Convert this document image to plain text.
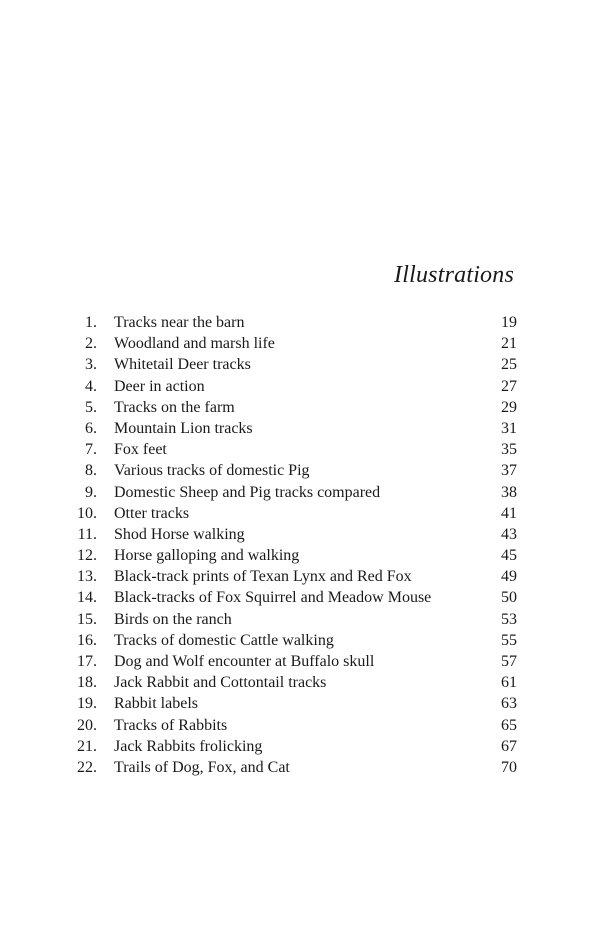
Illustrations
1. Tracks near the barn	19
2. Woodland and marsh life	21
3. Whitetail Deer tracks	25
4. Deer in action	27
5. Tracks on the farm	29
6. Mountain Lion tracks	31
7. Fox feet	35
8. Various tracks of domestic Pig	37
9. Domestic Sheep and Pig tracks compared	38
10. Otter tracks	41
11. Shod Horse walking	43
12. Horse galloping and walking	45
13. Black-track prints of Texan Lynx and Red Fox	49
14. Black-tracks of Fox Squirrel and Meadow Mouse	50
15. Birds on the ranch	53
16. Tracks of domestic Cattle walking	55
17. Dog and Wolf encounter at Buffalo skull	57
18. Jack Rabbit and Cottontail tracks	61
19. Rabbit labels	63
20. Tracks of Rabbits	65
21. Jack Rabbits frolicking	67
22. Trails of Dog, Fox, and Cat	70
